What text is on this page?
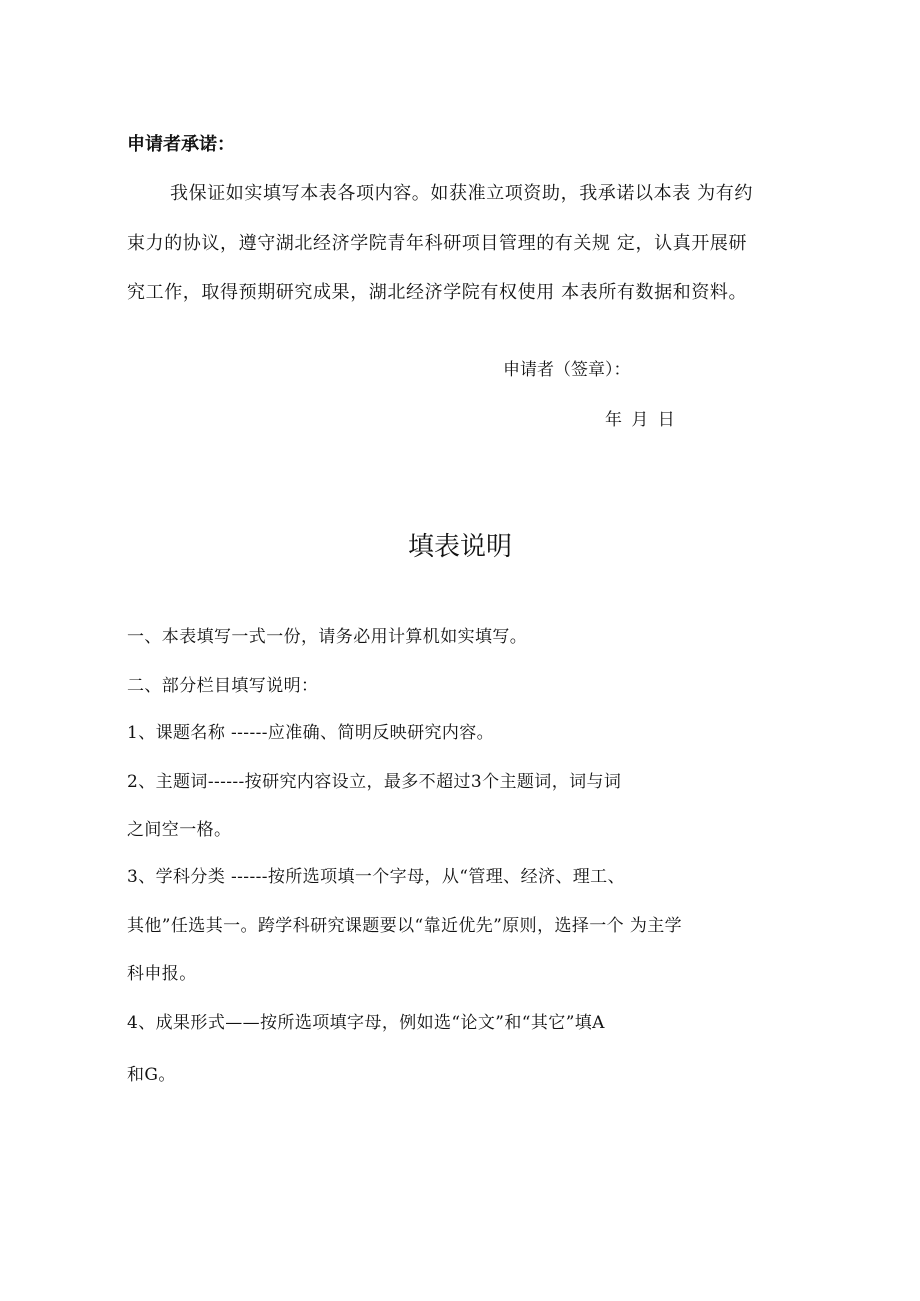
申请者承诺：

我保证如实填写本表各项内容。如获准立项资助，我承诺以本表 为有约

束力的协议，遵守湖北经济学院青年科研项目管理的有关规 定，认真开展研

究工作，取得预期研究成果，湖北经济学院有权使用 本表所有数据和资料。

申请者（签章）：

年 月 日

填表说明

一、本表填写一式一份，请务必用计算机如实填写。

二、部分栏目填写说明：

1、课题名称 ------应准确、简明反映研究内容。

2、主题词------按研究内容设立，最多不超过3个主题词，词与词

之间空一格。

3、学科分类 ------按所选项填一个字母，从“管理、经济、理工、

其他”任选其一。跨学科研究课题要以“靠近优先”原则，选择一个 为主学

科申报。

4、成果形式——按所选项填字母，例如选“论文”和“其它”填A

和G。
